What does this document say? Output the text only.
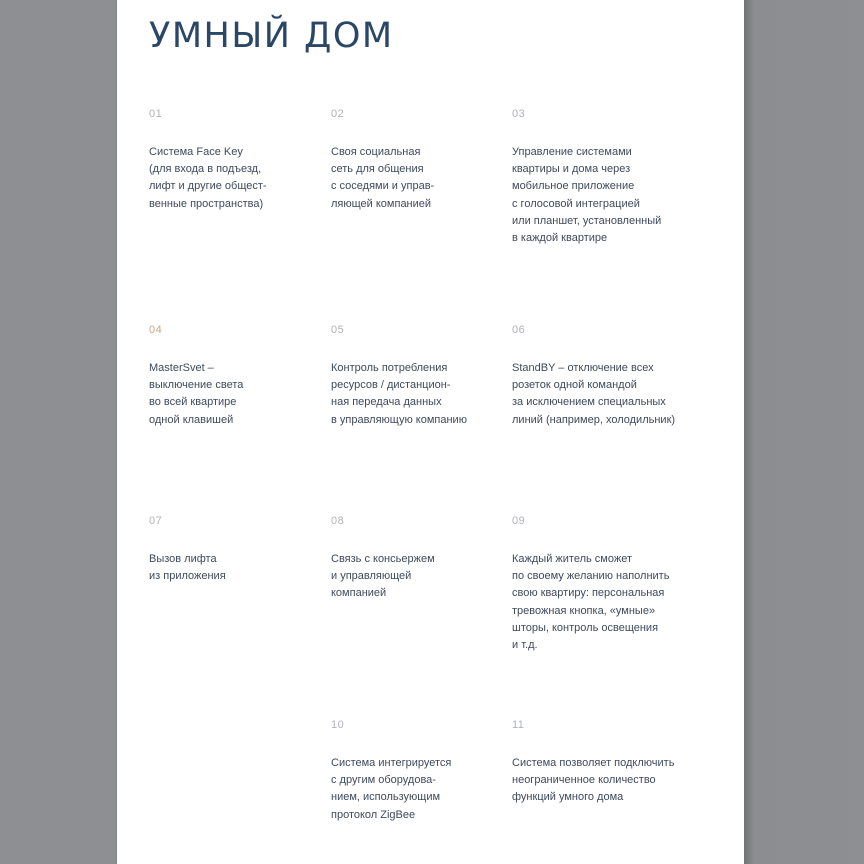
УМНЫЙ ДОМ
01
Система Face Key
(для входа в подъезд,
лифт и другие общест-
венные пространства)
02
Своя социальная
сеть для общения
с соседями и управ-
ляющей компанией
03
Управление системами
квартиры и дома через
мобильное приложение
с голосовой интеграцией
или планшет, установленный
в каждой квартире
04
MasterSvet –
выключение света
во всей квартире
одной клавишей
05
Контроль потребления
ресурсов / дистанцион-
ная передача данных
в управляющую компанию
06
StandBY – отключение всех
розеток одной командой
за исключением специальных
линий (например, холодильник)
07
Вызов лифта
из приложения
08
Связь с консьержем
и управляющей
компанией
09
Каждый житель сможет
по своему желанию наполнить
свою квартиру: персональная
тревожная кнопка, «умные»
шторы, контроль освещения
и т.д.
10
Система интегрируется
с другим оборудова-
нием, использующим
протокол ZigBee
11
Система позволяет подключить
неограниченное количество
функций умного дома
